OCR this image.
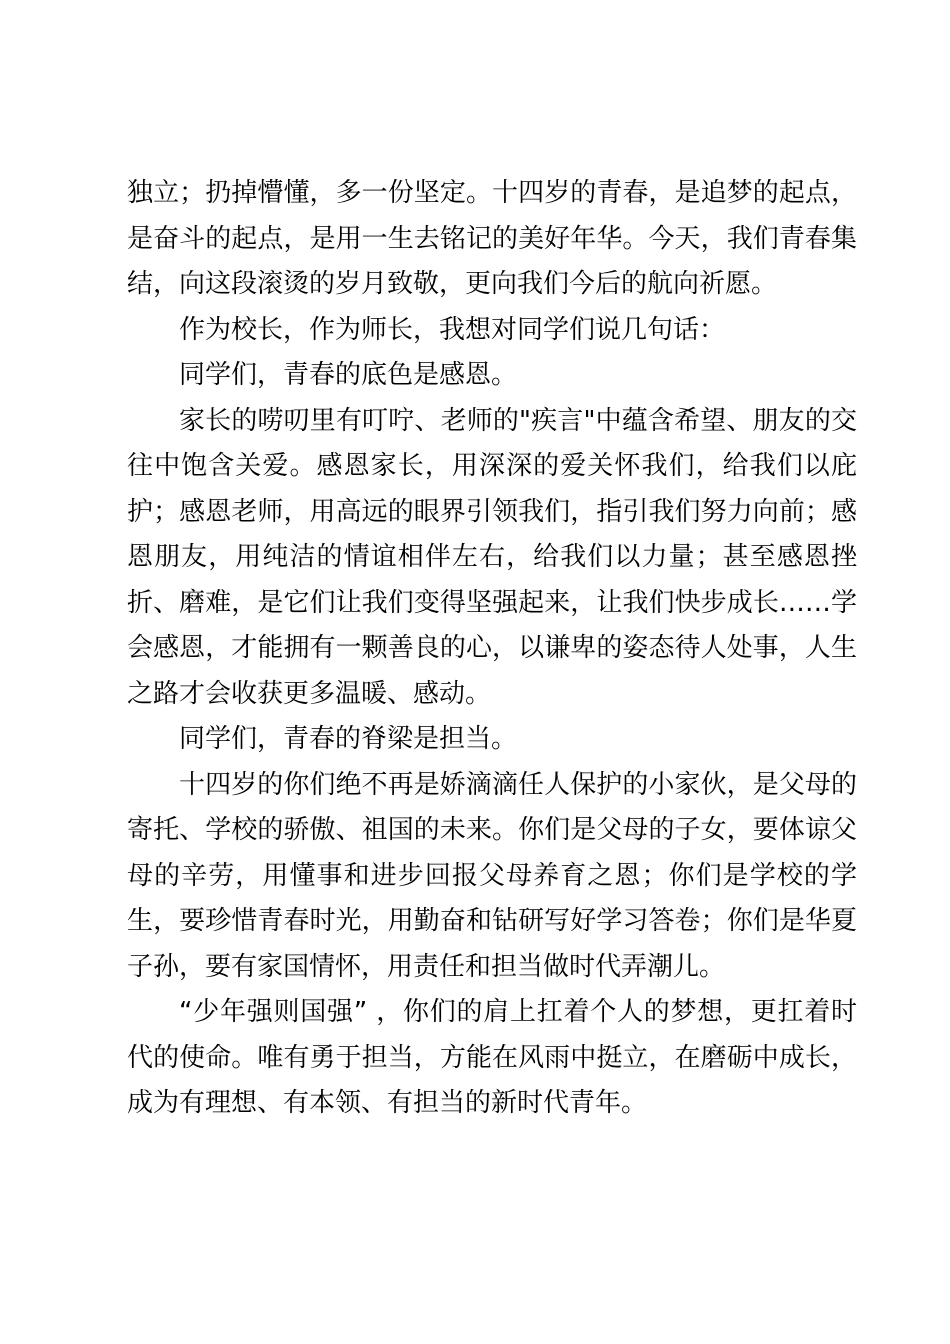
独立；扔掉懵懂，多一份坚定。十四岁的青春，是追梦的起点，是奋斗的起点，是用一生去铭记的美好年华。今天，我们青春集结，向这段滚烫的岁月致敬，更向我们今后的航向祈愿。

作为校长，作为师长，我想对同学们说几句话：

同学们，青春的底色是感恩。

家长的唠叨里有叮咛、老师的"疾言"中蕴含希望、朋友的交往中饱含关爱。感恩家长，用深深的爱关怀我们，给我们以庇护；感恩老师，用高远的眼界引领我们，指引我们努力向前；感恩朋友，用纯洁的情谊相伴左右，给我们以力量；甚至感恩挫折、磨难，是它们让我们变得坚强起来，让我们快步成长……学会感恩，才能拥有一颗善良的心，以谦卑的姿态待人处事，人生之路才会收获更多温暖、感动。

同学们，青春的脊梁是担当。

十四岁的你们绝不再是娇滴滴任人保护的小家伙，是父母的寄托、学校的骄傲、祖国的未来。你们是父母的子女，要体谅父母的辛劳，用懂事和进步回报父母养育之恩；你们是学校的学生，要珍惜青春时光，用勤奋和钻研写好学习答卷；你们是华夏子孙，要有家国情怀，用责任和担当做时代弄潮儿。

“少年强则国强” ，你们的肩上扛着个人的梦想，更扛着时代的使命。唯有勇于担当，方能在风雨中挺立，在磨砺中成长，成为有理想、有本领、有担当的新时代青年。
